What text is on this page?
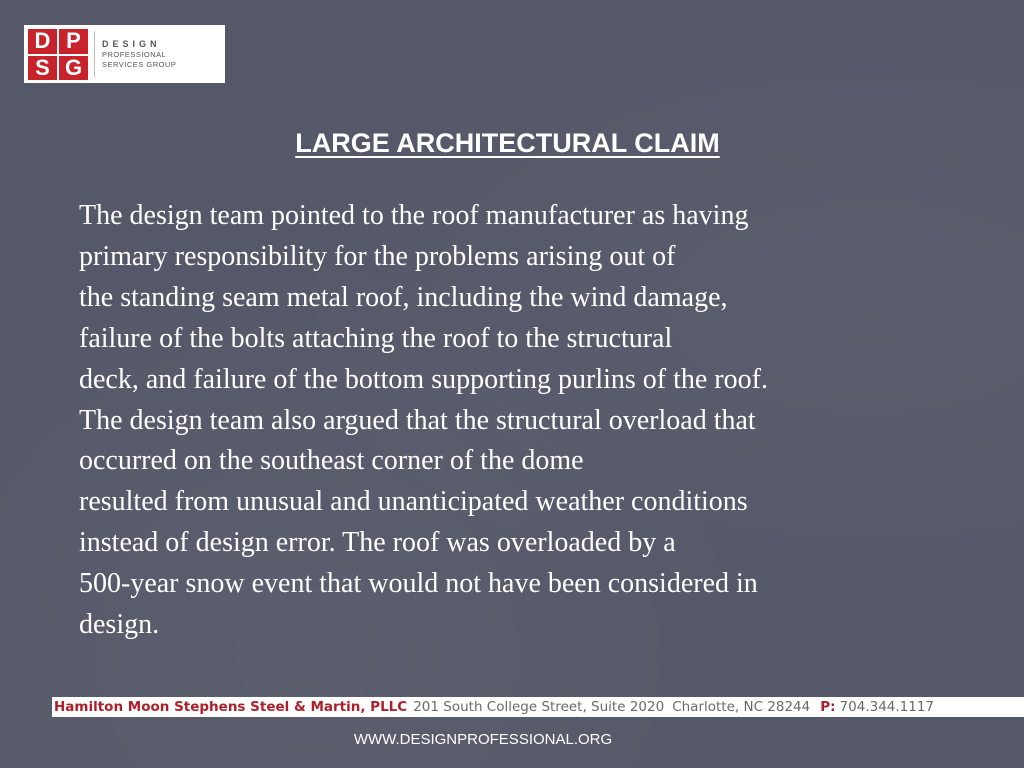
D P
S G
DESIGN
PROFESSIONAL
SERVICES GROUP
LARGE ARCHITECTURAL CLAIM
The design team pointed to the roof manufacturer as having
primary responsibility for the problems arising out of
the standing seam metal roof, including the wind damage,
failure of the bolts attaching the roof to the structural
deck, and failure of the bottom supporting purlins of the roof.
The design team also argued that the structural overload that
occurred on the southeast corner of the dome
resulted from unusual and unanticipated weather conditions
instead of design error. The roof was overloaded by a
500-year snow event that would not have been considered in
design.
Hamilton Moon Stephens Steel & Martin, PLLC 201 South College Street, Suite 2020 Charlotte, NC 28244 P: 704.344.1117
WWW.DESIGNPROFESSIONAL.ORG
